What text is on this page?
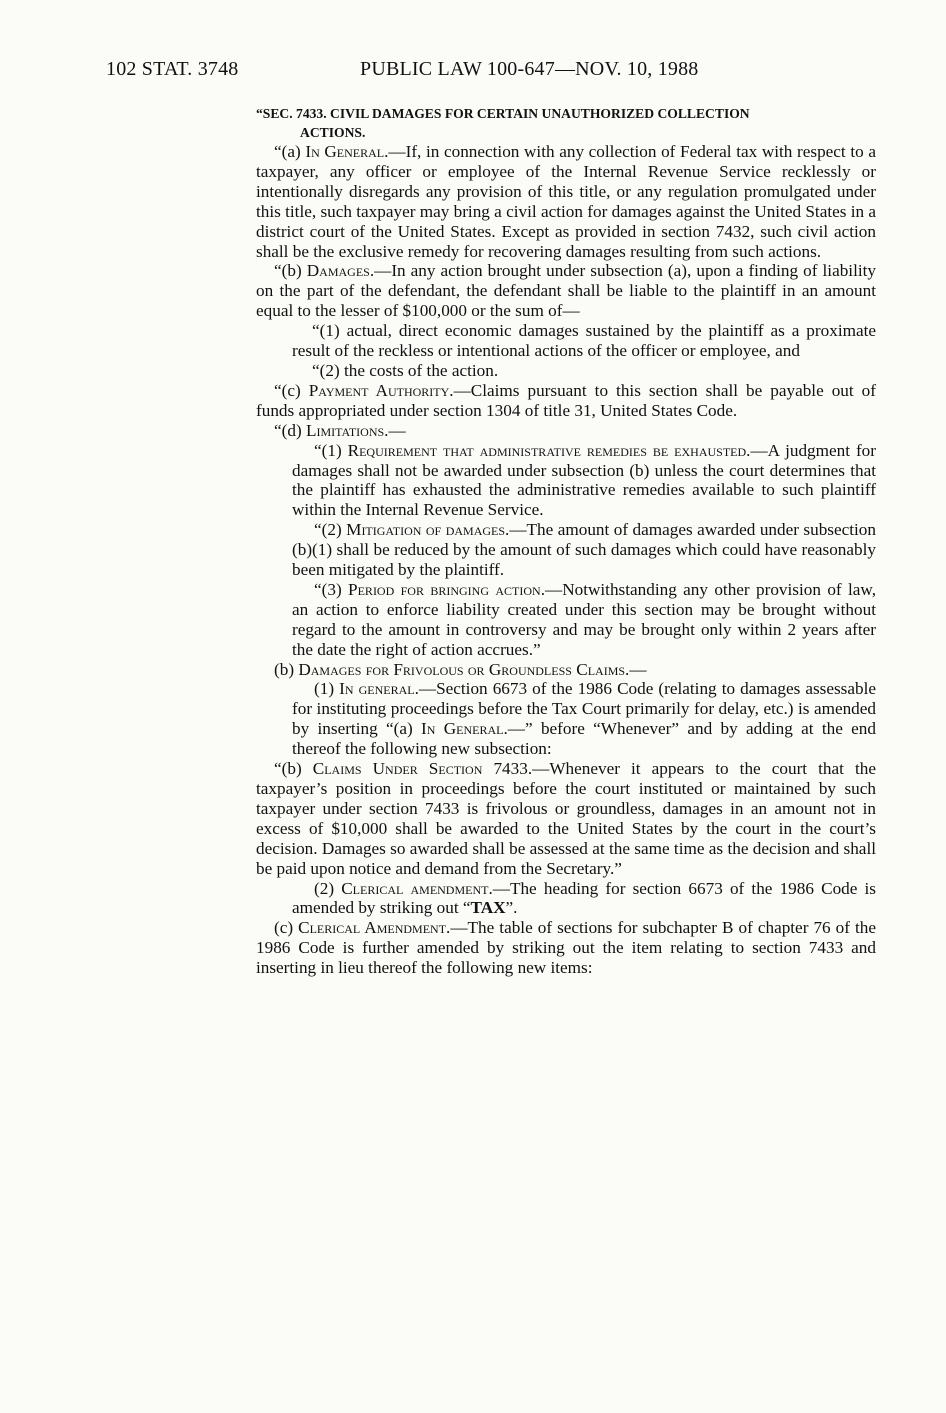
102 STAT. 3748	PUBLIC LAW 100-647—NOV. 10, 1988

“SEC. 7433. CIVIL DAMAGES FOR CERTAIN UNAUTHORIZED COLLECTION
ACTIONS.

“(a) In General.—If, in connection with any collection of Federal tax with respect to a taxpayer, any officer or employee of the Internal Revenue Service recklessly or intentionally disregards any provision of this title, or any regulation promulgated under this title, such taxpayer may bring a civil action for damages against the United States in a district court of the United States. Except as provided in section 7432, such civil action shall be the exclusive remedy for recovering damages resulting from such actions.

“(b) Damages.—In any action brought under subsection (a), upon a finding of liability on the part of the defendant, the defendant shall be liable to the plaintiff in an amount equal to the lesser of $100,000 or the sum of—

“(1) actual, direct economic damages sustained by the plaintiff as a proximate result of the reckless or intentional actions of the officer or employee, and

“(2) the costs of the action.

“(c) Payment Authority.—Claims pursuant to this section shall be payable out of funds appropriated under section 1304 of title 31, United States Code.

“(d) Limitations.—

“(1) Requirement that administrative remedies be exhausted.—A judgment for damages shall not be awarded under subsection (b) unless the court determines that the plaintiff has exhausted the administrative remedies available to such plaintiff within the Internal Revenue Service.

“(2) Mitigation of damages.—The amount of damages awarded under subsection (b)(1) shall be reduced by the amount of such damages which could have reasonably been mitigated by the plaintiff.

“(3) Period for bringing action.—Notwithstanding any other provision of law, an action to enforce liability created under this section may be brought without regard to the amount in controversy and may be brought only within 2 years after the date the right of action accrues.”

(b) Damages for Frivolous or Groundless Claims.—

(1) In general.—Section 6673 of the 1986 Code (relating to damages assessable for instituting proceedings before the Tax Court primarily for delay, etc.) is amended by inserting “(a) In General.—” before “Whenever” and by adding at the end thereof the following new subsection:

“(b) Claims Under Section 7433.—Whenever it appears to the court that the taxpayer’s position in proceedings before the court instituted or maintained by such taxpayer under section 7433 is frivolous or groundless, damages in an amount not in excess of $10,000 shall be awarded to the United States by the court in the court’s decision. Damages so awarded shall be assessed at the same time as the decision and shall be paid upon notice and demand from the Secretary.”

(2) Clerical amendment.—The heading for section 6673 of the 1986 Code is amended by striking out “TAX”.

(c) Clerical Amendment.—The table of sections for subchapter B of chapter 76 of the 1986 Code is further amended by striking out the item relating to section 7433 and inserting in lieu thereof the following new items:
